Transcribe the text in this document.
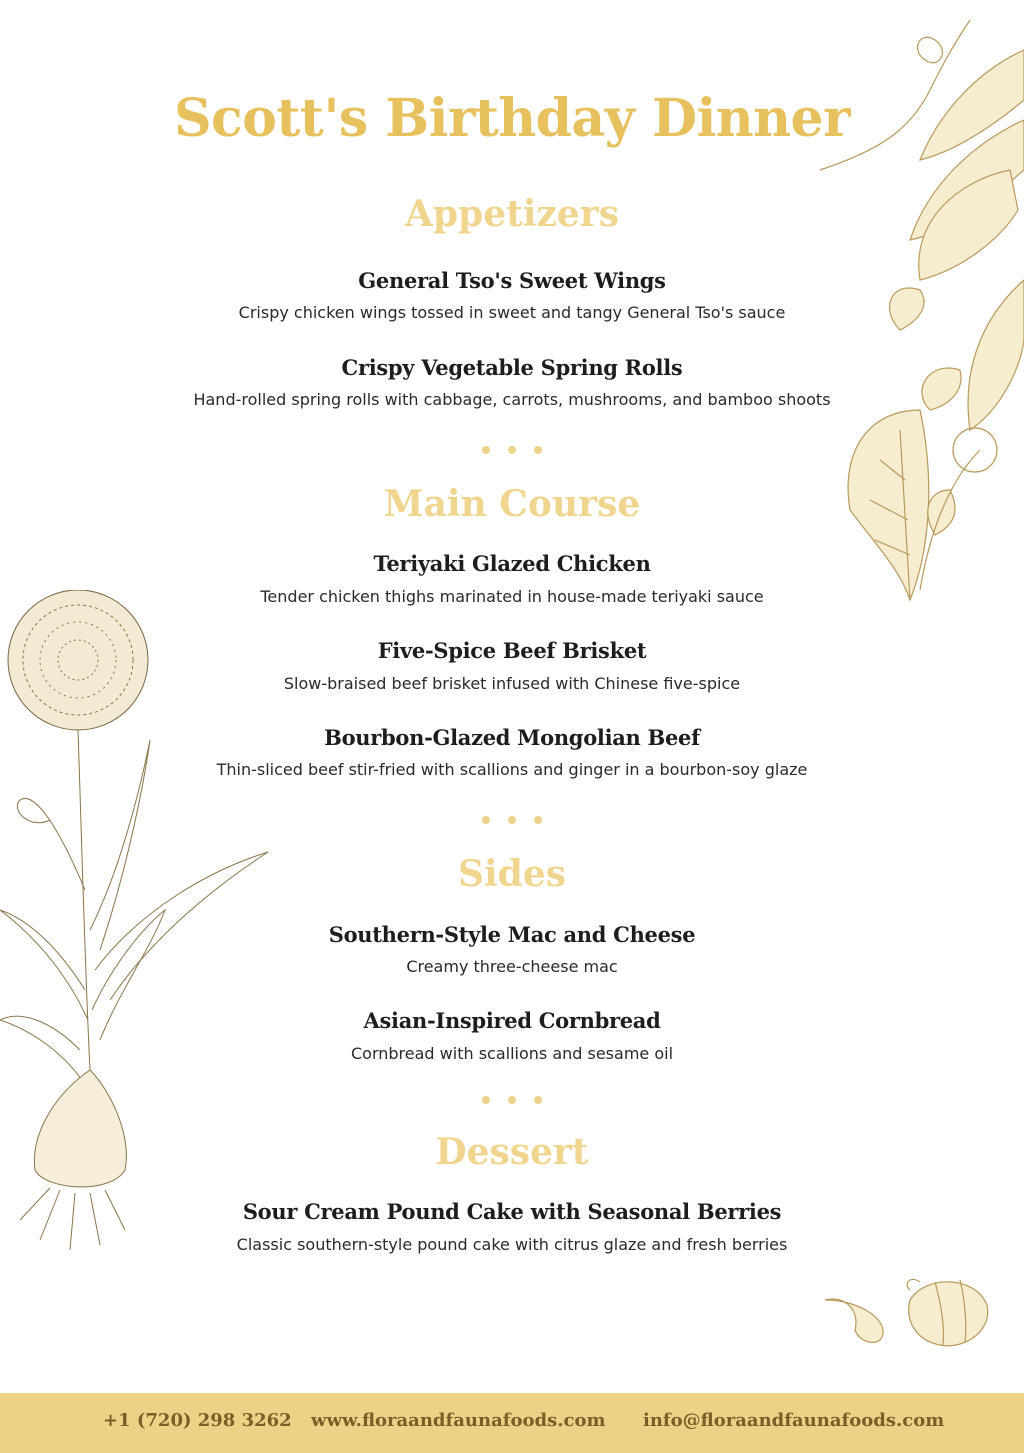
Scott's Birthday Dinner
Appetizers
General Tso's Sweet Wings
Crispy chicken wings tossed in sweet and tangy General Tso's sauce
Crispy Vegetable Spring Rolls
Hand-rolled spring rolls with cabbage, carrots, mushrooms, and bamboo shoots
Main Course
Teriyaki Glazed Chicken
Tender chicken thighs marinated in house-made teriyaki sauce
Five-Spice Beef Brisket
Slow-braised beef brisket infused with Chinese five-spice
Bourbon-Glazed Mongolian Beef
Thin-sliced beef stir-fried with scallions and ginger in a bourbon-soy glaze
Sides
Southern-Style Mac and Cheese
Creamy three-cheese mac
Asian-Inspired Cornbread
Cornbread with scallions and sesame oil
Dessert
Sour Cream Pound Cake with Seasonal Berries
Classic southern-style pound cake with citrus glaze and fresh berries
+1 (720) 298 3262 www.floraandfaunafoods.com info@floraandfaunafoods.com
